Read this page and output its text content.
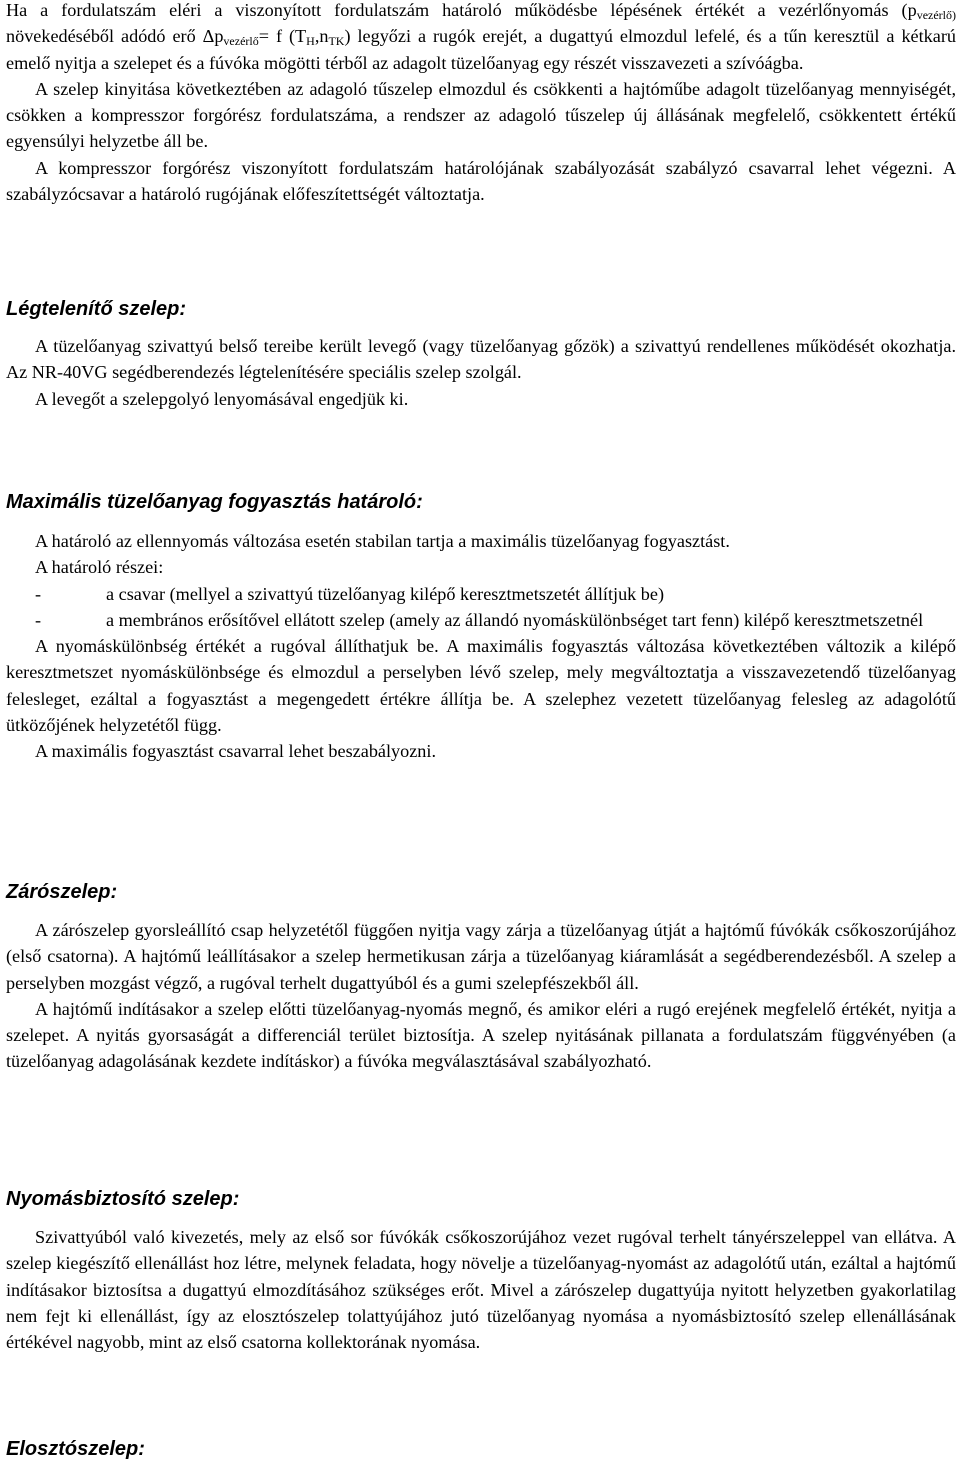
Ha a fordulatszám eléri a viszonyított fordulatszám határoló működésbe lépésének értékét a vezérlőnyomás ($p_{vezérlő)}$ növekedéséből adódó erő $\Delta p_{vezérlő}= f$ $(T_H,n_{TK})$ legyőzi a rugók erejét, a dugattyú elmozdul lefelé, és a tűn keresztül a kétkarú emelő nyitja a szelepet és a fúvóka mögötti térből az adagolt tüzelőanyag egy részét visszavezeti a szívóágba.

A szelep kinyitása következtében az adagoló tűszelep elmozdul és csökkenti a hajtóműbe adagolt tüzelőanyag mennyiségét, csökken a kompresszor forgórész fordulatszáma, a rendszer az adagoló tűszelep új állásának megfelelő, csökkentett értékű egyensúlyi helyzetbe áll be.

A kompresszor forgórész viszonyított fordulatszám határolójának szabályozását szabályzó csavarral lehet végezni. A szabályzócsavar a határoló rugójának előfeszítettségét változtatja.

Légtelenítő szelep:

A tüzelőanyag szivattyú belső tereibe került levegő (vagy tüzelőanyag gőzök) a szivattyú rendellenes működését okozhatja. Az NR-40VG segédberendezés légtelenítésére speciális szelep szolgál.

A levegőt a szelepgolyó lenyomásával engedjük ki.

Maximális tüzelőanyag fogyasztás határoló:

A határoló az ellennyomás változása esetén stabilan tartja a maximális tüzelőanyag fogyasztást.

A határoló részei:

-	a csavar (mellyel a szivattyú tüzelőanyag kilépő keresztmetszetét állítjuk be)
-	a membrános erősítővel ellátott szelep (amely az állandó nyomáskülönbséget tart fenn) kilépő keresztmetszetnél

A nyomáskülönbség értékét a rugóval állíthatjuk be. A maximális fogyasztás változása következtében változik a kilépő keresztmetszet nyomáskülönbsége és elmozdul a perselyben lévő szelep, mely megváltoztatja a visszavezetendő tüzelőanyag felesleget, ezáltal a fogyasztást a megengedett értékre állítja be. A szelephez vezetett tüzelőanyag felesleg az adagolótű ütközőjének helyzetétől függ.

A maximális fogyasztást csavarral lehet beszabályozni.

Zárószelep:

A zárószelep gyorsleállító csap helyzetétől függően nyitja vagy zárja a tüzelőanyag útját a hajtómű fúvókák csőkoszorújához (első csatorna). A hajtómű leállításakor a szelep hermetikusan zárja a tüzelőanyag kiáramlását a segédberendezésből. A szelep a perselyben mozgást végző, a rugóval terhelt dugattyúból és a gumi szelepfészekből áll.

A hajtómű indításakor a szelep előtti tüzelőanyag-nyomás megnő, és amikor eléri a rugó erejének megfelelő értékét, nyitja a szelepet. A nyitás gyorsaságát a differenciál terület biztosítja. A szelep nyitásának pillanata a fordulatszám függvényében (a tüzelőanyag adagolásának kezdete indításkor) a fúvóka megválasztásával szabályozható.

Nyomásbiztosító szelep:

Szivattyúból való kivezetés, mely az első sor fúvókák csőkoszorújához vezet rugóval terhelt tányérszeleppel van ellátva. A szelep kiegészítő ellenállást hoz létre, melynek feladata, hogy növelje a tüzelőanyag-nyomást az adagolótű után, ezáltal a hajtómű indításakor biztosítsa a dugattyú elmozdításához szükséges erőt. Mivel a zárószelep dugattyúja nyitott helyzetben gyakorlatilag nem fejt ki ellenállást, így az elosztószelep tolattyújához jutó tüzelőanyag nyomása a nyomásbiztosító szelep ellenállásának értékével nagyobb, mint az első csatorna kollektorának nyomása.

Elosztószelep:
